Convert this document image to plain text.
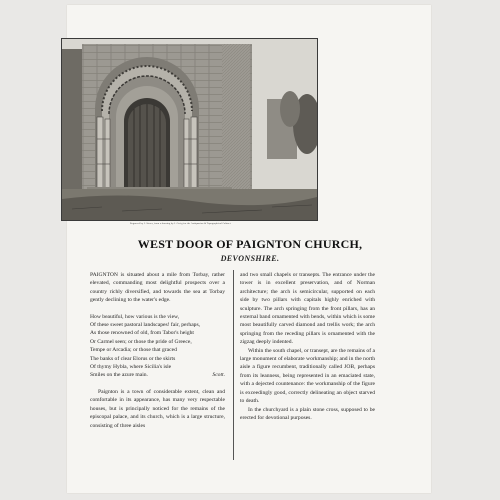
Engraved by J. Storer, from a drawing by J. Greig for the Antiquarian & Topographical Cabinet
WEST DOOR OF PAIGNTON CHURCH,
DEVONSHIRE.

PAIGNTON is situated about a mile from Torbay, rather elevated, commanding most delightful prospects over a country richly diversified, and towards the sea at Torbay gently declining to the water's edge.

How beautiful, how various is the view,
Of these sweet pastoral landscapes! fair, perhaps,
As those renowned of old, from Tabor's height
Or Carmel seen; or those the pride of Greece,
Tempe or Arcadia; or those that graced
The banks of clear Elorus or the skirts
Of thymy Hybla, where Sicilia's isle
Smiles on the azure main.	Scott.

Paignton is a town of considerable extent, clean and comfortable in its appearance, has many very respectable houses, but is principally noticed for the remains of the episcopal palace, and its church, which is a large structure, consisting of three aisles

and two small chapels or transepts. The entrance under the tower is in excellent preservation, and of Norman architecture; the arch is semicircular, supported on each side by two pillars with capitals highly enriched with sculpture. The arch springing from the front pillars, has an external band ornamented with bends, within which is some most beautifully carved diamond and trellis work; the arch springing from the receding pillars is ornamented with the zigzag deeply indented.

Within the south chapel, or transept, are the remains of a large monument of elaborate workmanship; and in the north aisle a figure recumbent, traditionally called JOB, perhaps from its leanness, being represented in an emaciated state, with a dejected countenance: the workmanship of the figure is exceedingly good, correctly delineating an object starved to death.

In the churchyard is a plain stone cross, supposed to be erected for devotional purposes.
